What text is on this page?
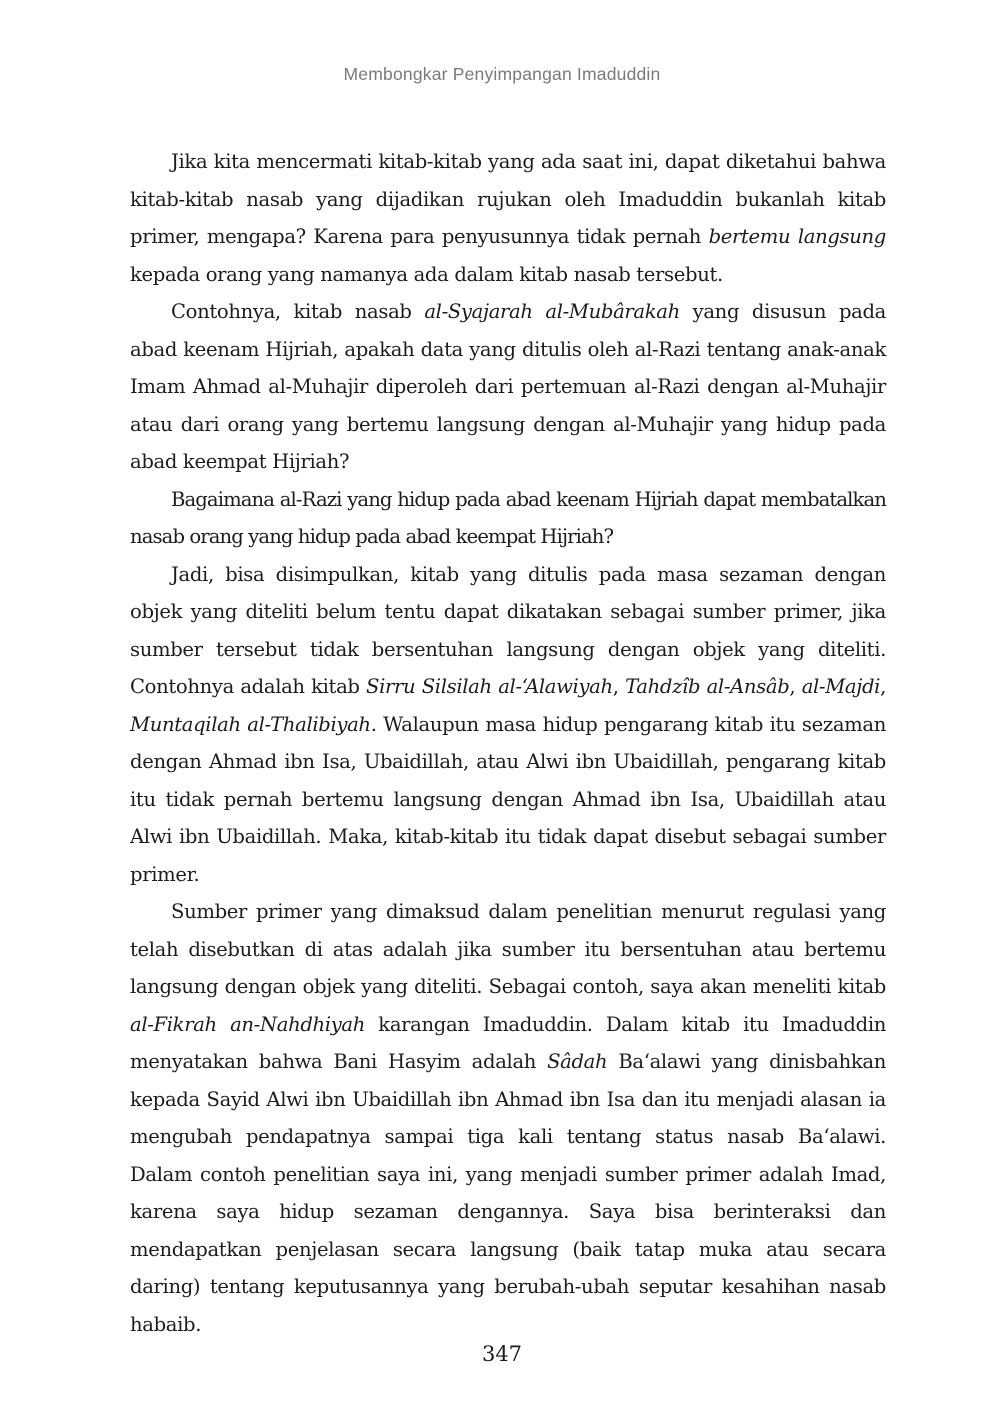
Membongkar Penyimpangan Imaduddin

Jika kita mencermati kitab-kitab yang ada saat ini, dapat diketahui bahwa kitab-kitab nasab yang dijadikan rujukan oleh Imaduddin bukanlah kitab primer, mengapa? Karena para penyusunnya tidak pernah bertemu langsung kepada orang yang namanya ada dalam kitab nasab tersebut.

Contohnya, kitab nasab al-Syajarah al-Mubârakah yang disusun pada abad keenam Hijriah, apakah data yang ditulis oleh al-Razi tentang anak-anak Imam Ahmad al-Muhajir diperoleh dari pertemuan al-Razi dengan al-Muhajir atau dari orang yang bertemu langsung dengan al-Muhajir yang hidup pada abad keempat Hijriah?

Bagaimana al-Razi yang hidup pada abad keenam Hijriah dapat membatalkan nasab orang yang hidup pada abad keempat Hijriah?

Jadi, bisa disimpulkan, kitab yang ditulis pada masa sezaman dengan objek yang diteliti belum tentu dapat dikatakan sebagai sumber primer, jika sumber tersebut tidak bersentuhan langsung dengan objek yang diteliti. Contohnya adalah kitab Sirru Silsilah al-‘Alawiyah, Tahdzîb al-Ansâb, al-Majdi, Muntaqilah al-Thalibiyah. Walaupun masa hidup pengarang kitab itu sezaman dengan Ahmad ibn Isa, Ubaidillah, atau Alwi ibn Ubaidillah, pengarang kitab itu tidak pernah bertemu langsung dengan Ahmad ibn Isa, Ubaidillah atau Alwi ibn Ubaidillah. Maka, kitab-kitab itu tidak dapat disebut sebagai sumber primer.

Sumber primer yang dimaksud dalam penelitian menurut regulasi yang telah disebutkan di atas adalah jika sumber itu bersentuhan atau bertemu langsung dengan objek yang diteliti. Sebagai contoh, saya akan meneliti kitab al-Fikrah an-Nahdhiyah karangan Imaduddin. Dalam kitab itu Imaduddin menyatakan bahwa Bani Hasyim adalah Sâdah Ba‘alawi yang dinisbahkan kepada Sayid Alwi ibn Ubaidillah ibn Ahmad ibn Isa dan itu menjadi alasan ia mengubah pendapatnya sampai tiga kali tentang status nasab Ba‘alawi. Dalam contoh penelitian saya ini, yang menjadi sumber primer adalah Imad, karena saya hidup sezaman dengannya. Saya bisa berinteraksi dan mendapatkan penjelasan secara langsung (baik tatap muka atau secara daring) tentang keputusannya yang berubah-ubah seputar kesahihan nasab habaib.

347
